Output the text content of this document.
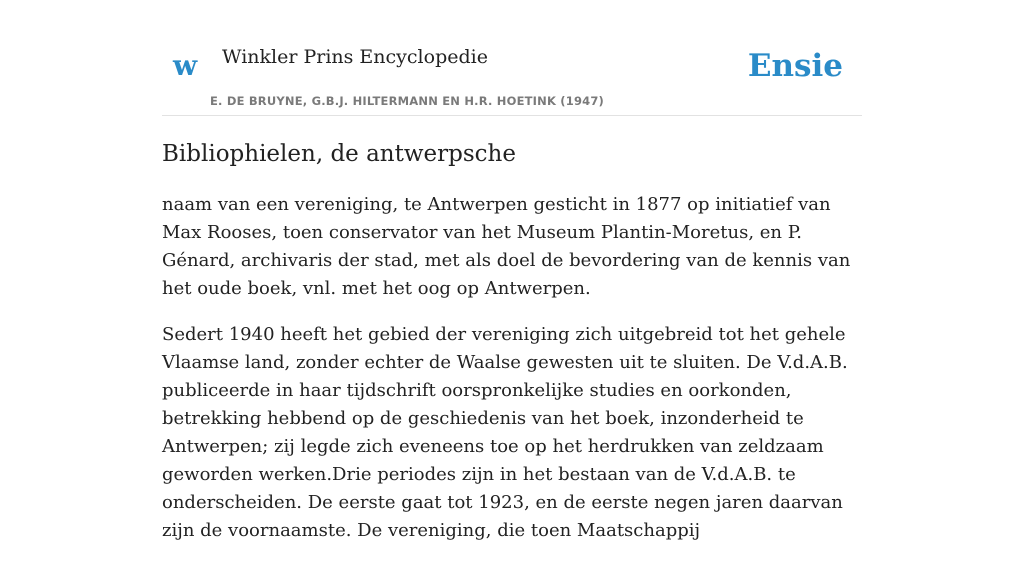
w Winkler Prins Encyclopedie
E. DE BRUYNE, G.B.J. HILTERMANN EN H.R. HOETINK (1947)
Ensie
Bibliophielen, de antwerpsche

naam van een vereniging, te Antwerpen gesticht in 1877 op initiatief van Max Rooses, toen conservator van het Museum Plantin-Moretus, en P. Génard, archivaris der stad, met als doel de bevordering van de kennis van het oude boek, vnl. met het oog op Antwerpen.

Sedert 1940 heeft het gebied der vereniging zich uitgebreid tot het gehele Vlaamse land, zonder echter de Waalse gewesten uit te sluiten. De V.d.A.B. publiceerde in haar tijdschrift oorspronkelijke studies en oorkonden, betrekking hebbend op de geschiedenis van het boek, inzonderheid te Antwerpen; zij legde zich eveneens toe op het herdrukken van zeldzaam geworden werken.Drie periodes zijn in het bestaan van de V.d.A.B. te onderscheiden. De eerste gaat tot 1923, en de eerste negen jaren daarvan zijn de voornaamste. De vereniging, die toen Maatschappij
